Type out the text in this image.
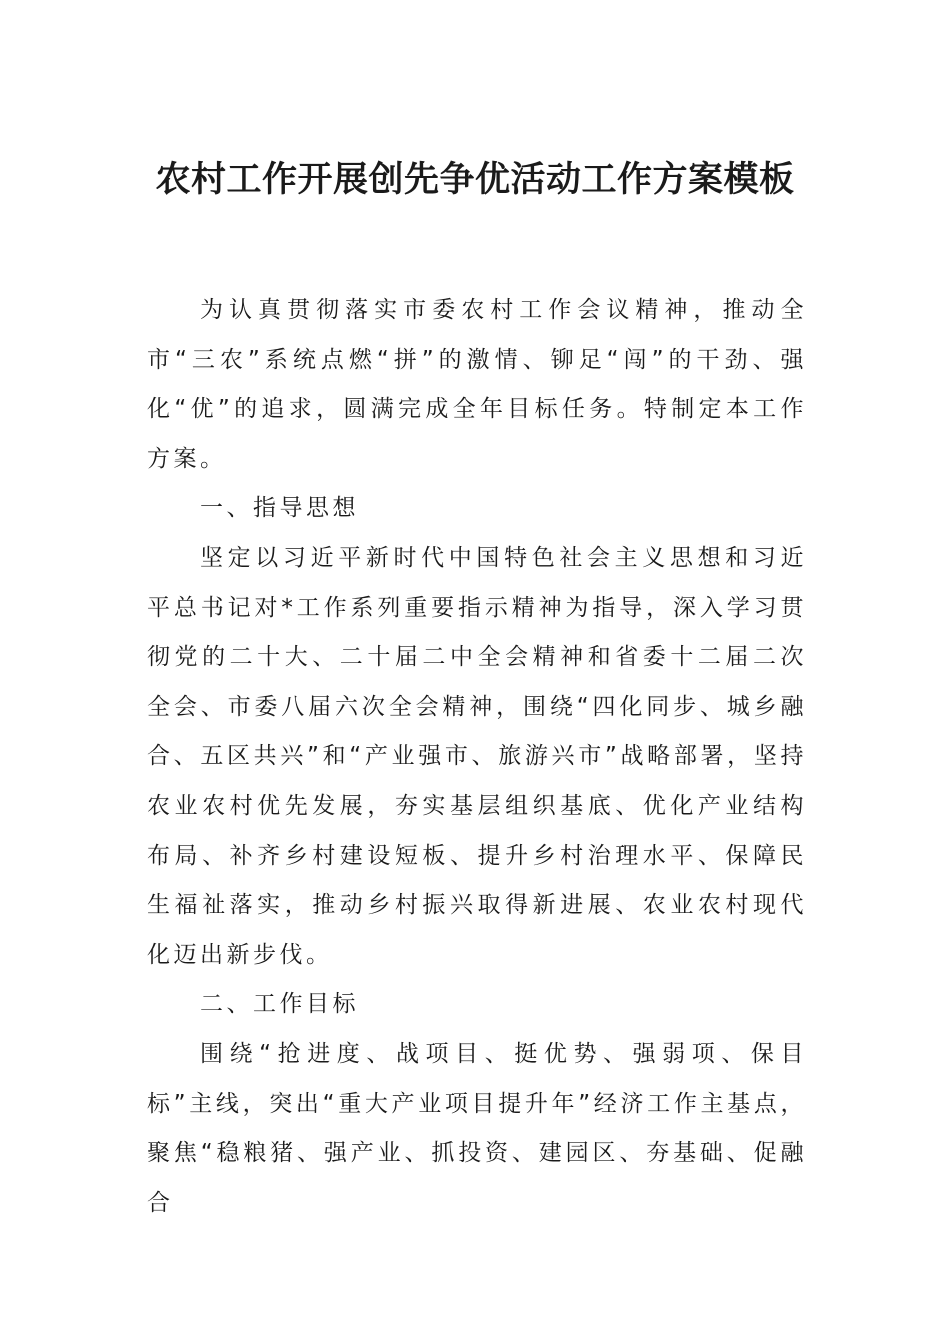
农村工作开展创先争优活动工作方案模板

为认真贯彻落实市委农村工作会议精神，推动全市“三农”系统点燃“拼”的激情、铆足“闯”的干劲、强化“优”的追求，圆满完成全年目标任务。特制定本工作方案。

一、指导思想

坚定以习近平新时代中国特色社会主义思想和习近平总书记对*工作系列重要指示精神为指导，深入学习贯彻党的二十大、二十届二中全会精神和省委十二届二次全会、市委八届六次全会精神，围绕“四化同步、城乡融合、五区共兴”和“产业强市、旅游兴市”战略部署，坚持农业农村优先发展，夯实基层组织基底、优化产业结构布局、补齐乡村建设短板、提升乡村治理水平、保障民生福祉落实，推动乡村振兴取得新进展、农业农村现代化迈出新步伐。

二、工作目标

围绕“抢进度、战项目、挺优势、强弱项、保目标”主线，突出“重大产业项目提升年”经济工作主基点，聚焦“稳粮猪、强产业、抓投资、建园区、夯基础、促融合
